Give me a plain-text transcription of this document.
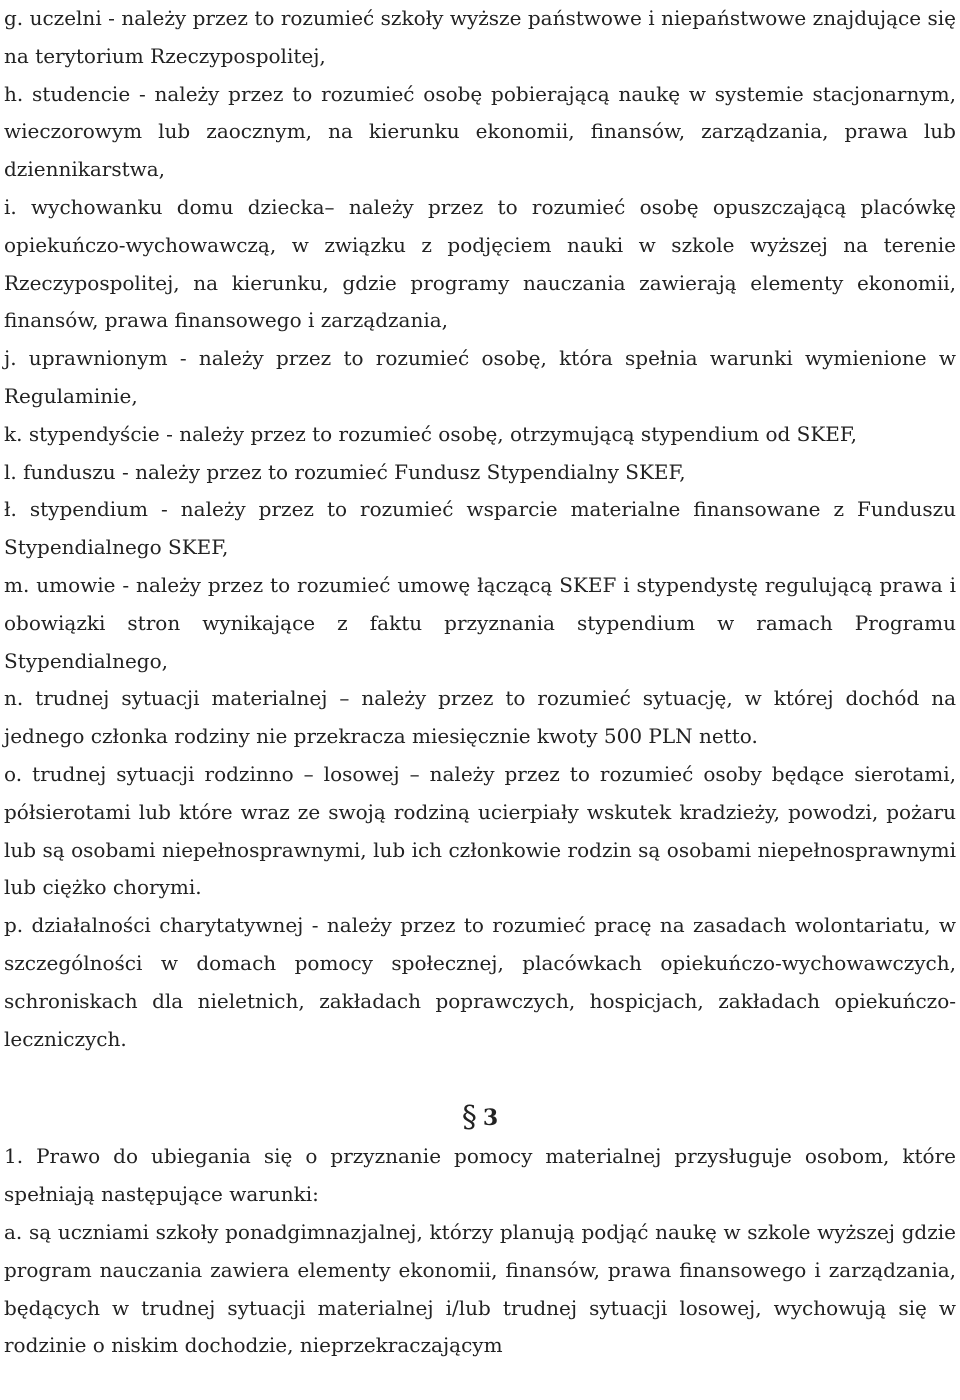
g. uczelni - należy przez to rozumieć szkoły wyższe państwowe i niepaństwowe znajdujące się na terytorium Rzeczypospolitej,

h. studencie - należy przez to rozumieć osobę pobierającą naukę w systemie stacjonarnym, wieczorowym lub zaocznym, na kierunku ekonomii, finansów, zarządzania, prawa lub dziennikarstwa,

i. wychowanku domu dziecka– należy przez to rozumieć osobę opuszczającą placówkę opiekuńczo-wychowawczą, w związku z podjęciem nauki w szkole wyższej na terenie Rzeczypospolitej, na kierunku, gdzie programy nauczania zawierają elementy ekonomii, finansów, prawa finansowego i zarządzania,

j. uprawnionym - należy przez to rozumieć osobę, która spełnia warunki wymienione w Regulaminie,

k. stypendyście - należy przez to rozumieć osobę, otrzymującą stypendium od SKEF,

l. funduszu - należy przez to rozumieć Fundusz Stypendialny SKEF,

ł. stypendium - należy przez to rozumieć wsparcie materialne finansowane z Funduszu Stypendialnego SKEF,

m. umowie - należy przez to rozumieć umowę łączącą SKEF i stypendystę regulującą prawa i obowiązki stron wynikające z faktu przyznania stypendium w ramach Programu Stypendialnego,

n. trudnej sytuacji materialnej – należy przez to rozumieć sytuację, w której dochód na jednego członka rodziny nie przekracza miesięcznie kwoty 500 PLN netto.

o. trudnej sytuacji rodzinno – losowej – należy przez to rozumieć osoby będące sierotami, półsierotami lub które wraz ze swoją rodziną ucierpiały wskutek kradzieży, powodzi, pożaru lub są osobami niepełnosprawnymi, lub ich członkowie rodzin są osobami niepełnosprawnymi lub ciężko chorymi.

p. działalności charytatywnej - należy przez to rozumieć pracę na zasadach wolontariatu, w szczególności w domach pomocy społecznej, placówkach opiekuńczo-wychowawczych, schroniskach dla nieletnich, zakładach poprawczych, hospicjach, zakładach opiekuńczo-leczniczych.

§ 3

1. Prawo do ubiegania się o przyznanie pomocy materialnej przysługuje osobom, które spełniają następujące warunki:

a. są uczniami szkoły ponadgimnazjalnej, którzy planują podjąć naukę w szkole wyższej gdzie program nauczania zawiera elementy ekonomii, finansów, prawa finansowego i zarządzania, będących w trudnej sytuacji materialnej i/lub trudnej sytuacji losowej, wychowują się w rodzinie o niskim dochodzie, nieprzekraczającym
